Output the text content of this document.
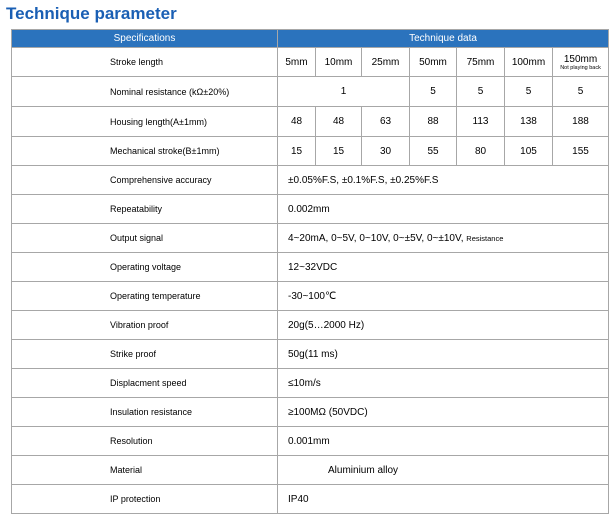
Technique parameter
Specifications	Technique data						
Stroke length	5mm	10mm	25mm	50mm	75mm	100mm	150mm
Not playing back

Nominal resistance (kΩ±20%)	1			5	5	5	5
Housing length(A±1mm)	48	48	63	88	113	138	188
Mechanical stroke(B±1mm)	15	15	30	55	80	105	155
Comprehensive accuracy	±0.05%F.S, ±0.1%F.S, ±0.25%F.S						
Repeatability	0.002mm						
Output signal	4~20mA, 0~5V, 0~10V, 0~±5V, 0~±10V, Resistance						
Operating voltage	12~32VDC						
Operating temperature	-30~100℃						
Vibration proof	20g(5…2000 Hz)						
Strike proof	50g(11 ms)						
Displacment speed	≤10m/s						
Insulation resistance	≥100MΩ (50VDC)						
Resolution	0.001mm						
Material	Aluminium alloy						
IP protection	IP40						
